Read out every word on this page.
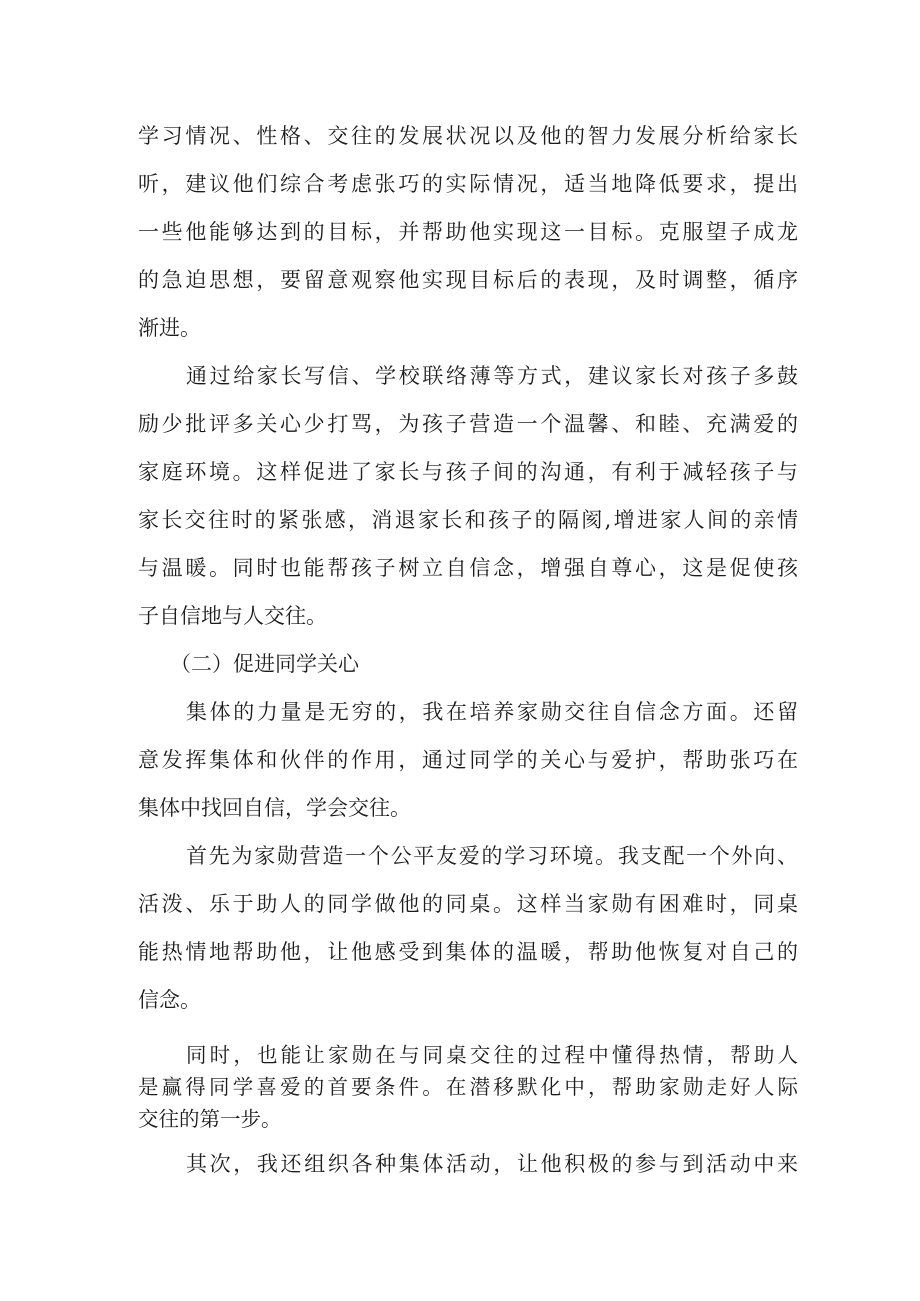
学习情况、性格、交往的发展状况以及他的智力发展分析给家长

听，建议他们综合考虑张巧的实际情况，适当地降低要求，提出

一些他能够达到的目标，并帮助他实现这一目标。克服望子成龙

的急迫思想，要留意观察他实现目标后的表现，及时调整，循序

渐进。

通过给家长写信、学校联络薄等方式，建议家长对孩子多鼓

励少批评多关心少打骂，为孩子营造一个温馨、和睦、充满爱的

家庭环境。这样促进了家长与孩子间的沟通，有利于减轻孩子与

家长交往时的紧张感，消退家长和孩子的隔阂,增进家人间的亲情

与温暖。同时也能帮孩子树立自信念，增强自尊心，这是促使孩

子自信地与人交往。

（二）促进同学关心

集体的力量是无穷的，我在培养家勋交往自信念方面。还留

意发挥集体和伙伴的作用，通过同学的关心与爱护，帮助张巧在

集体中找回自信，学会交往。

首先为家勋营造一个公平友爱的学习环境。我支配一个外向、

活泼、乐于助人的同学做他的同桌。这样当家勋有困难时，同桌

能热情地帮助他，让他感受到集体的温暖，帮助他恢复对自己的

信念。

同时，也能让家勋在与同桌交往的过程中懂得热情，帮助人

是赢得同学喜爱的首要条件。在潜移默化中，帮助家勋走好人际

交往的第一步。

其次，我还组织各种集体活动，让他积极的参与到活动中来
